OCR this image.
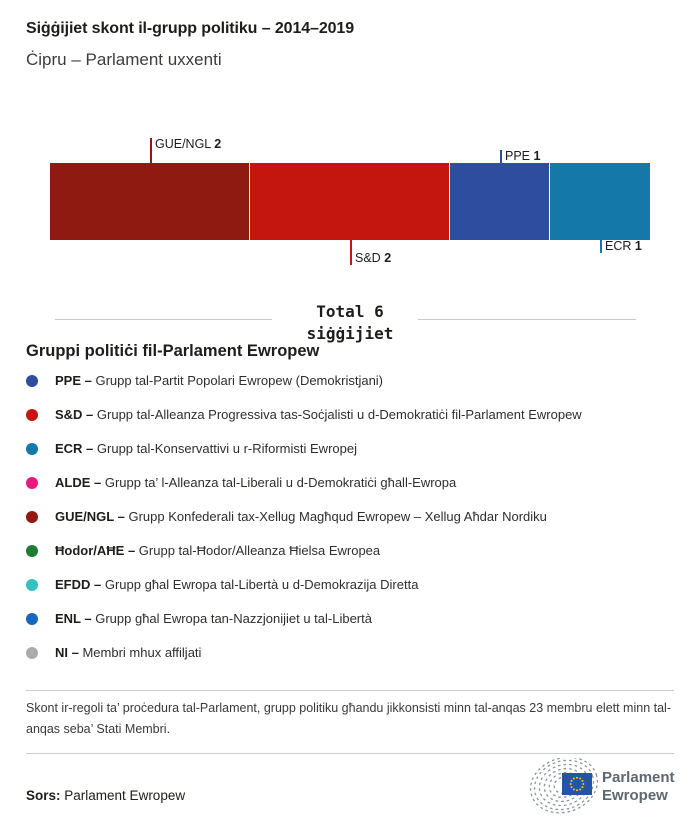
Siġġijiet skont il-grupp politiku – 2014–2019
Ċipru – Parlament uxxenti
GUE/NGL 2
S&D 2
PPE 1
ECR 1
Total 6
siġġijiet
Gruppi politiċi fil-Parlament Ewropew
PPE – Grupp tal-Partit Popolari Ewropew (Demokristjani)
S&D – Grupp tal-Alleanza Progressiva tas-Soċjalisti u d-Demokratiċi fil-Parlament Ewropew
ECR – Grupp tal-Konservattivi u r-Riformisti Ewropej
ALDE – Grupp ta’ l-Alleanza tal-Liberali u d-Demokratiċi għall-Ewropa
GUE/NGL – Grupp Konfederali tax-Xellug Magħqud Ewropew – Xellug Aħdar Nordiku
Ħodor/AĦE – Grupp tal-Ħodor/Alleanza Ħielsa Ewropea
EFDD – Grupp għal Ewropa tal-Libertà u d-Demokrazija Diretta
ENL – Grupp għal Ewropa tan-Nazzjonijiet u tal-Libertà
NI – Membri mhux affiljati
Skont ir-regoli ta’ proċedura tal-Parlament, grupp politiku għandu jikkonsisti minn tal-anqas 23 membru elett minn tal-anqas seba’ Stati Membri.
Sors: Parlament Ewropew
Parlament
Ewropew
